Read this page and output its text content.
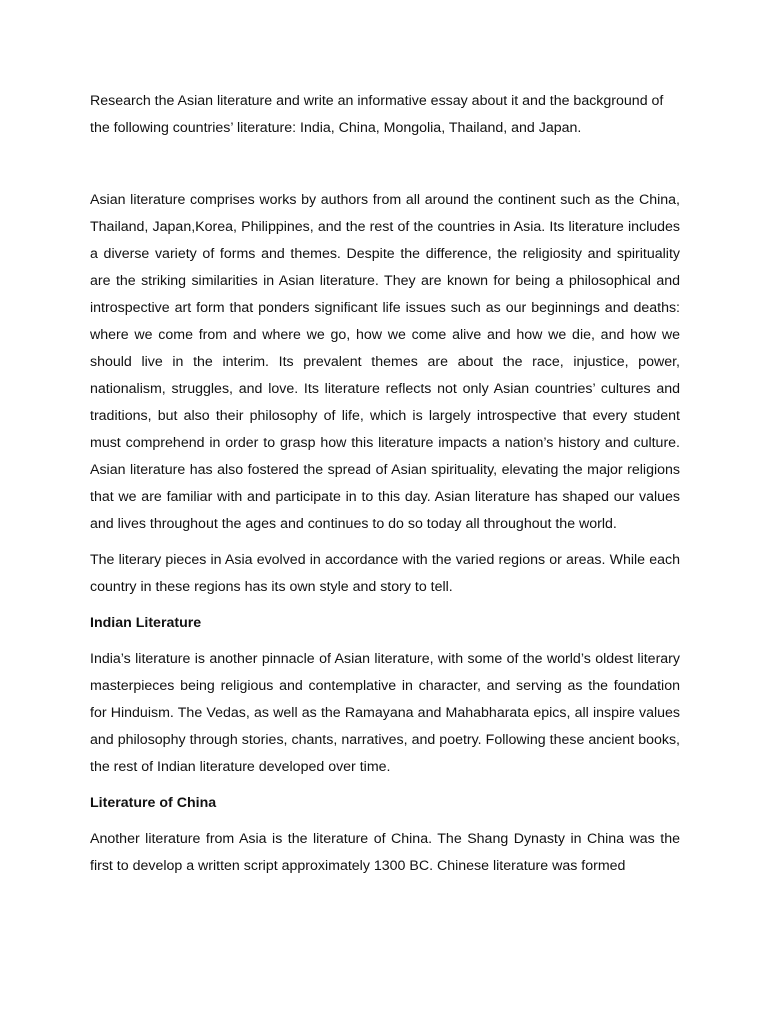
Research the Asian literature and write an informative essay about it and the background of the following countries’ literature: India, China, Mongolia, Thailand, and Japan.

Asian literature comprises works by authors from all around the continent such as the China, Thailand, Japan,Korea, Philippines, and the rest of the countries in Asia. Its literature includes a diverse variety of forms and themes. Despite the difference, the religiosity and spirituality are the striking similarities in Asian literature. They are known for being a philosophical and introspective art form that ponders significant life issues such as our beginnings and deaths: where we come from and where we go, how we come alive and how we die, and how we should live in the interim. Its prevalent themes are about the race, injustice, power, nationalism, struggles, and love. Its literature reflects not only Asian countries’ cultures and traditions, but also their philosophy of life, which is largely introspective that every student must comprehend in order to grasp how this literature impacts a nation’s history and culture. Asian literature has also fostered the spread of Asian spirituality, elevating the major religions that we are familiar with and participate in to this day. Asian literature has shaped our values and lives throughout the ages and continues to do so today all throughout the world.

The literary pieces in Asia evolved in accordance with the varied regions or areas. While each country in these regions has its own style and story to tell.

Indian Literature

India’s literature is another pinnacle of Asian literature, with some of the world’s oldest literary masterpieces being religious and contemplative in character, and serving as the foundation for Hinduism. The Vedas, as well as the Ramayana and Mahabharata epics, all inspire values and philosophy through stories, chants, narratives, and poetry. Following these ancient books, the rest of Indian literature developed over time.

Literature of China

Another literature from Asia is the literature of China. The Shang Dynasty in China was the first to develop a written script approximately 1300 BC. Chinese literature was formed
